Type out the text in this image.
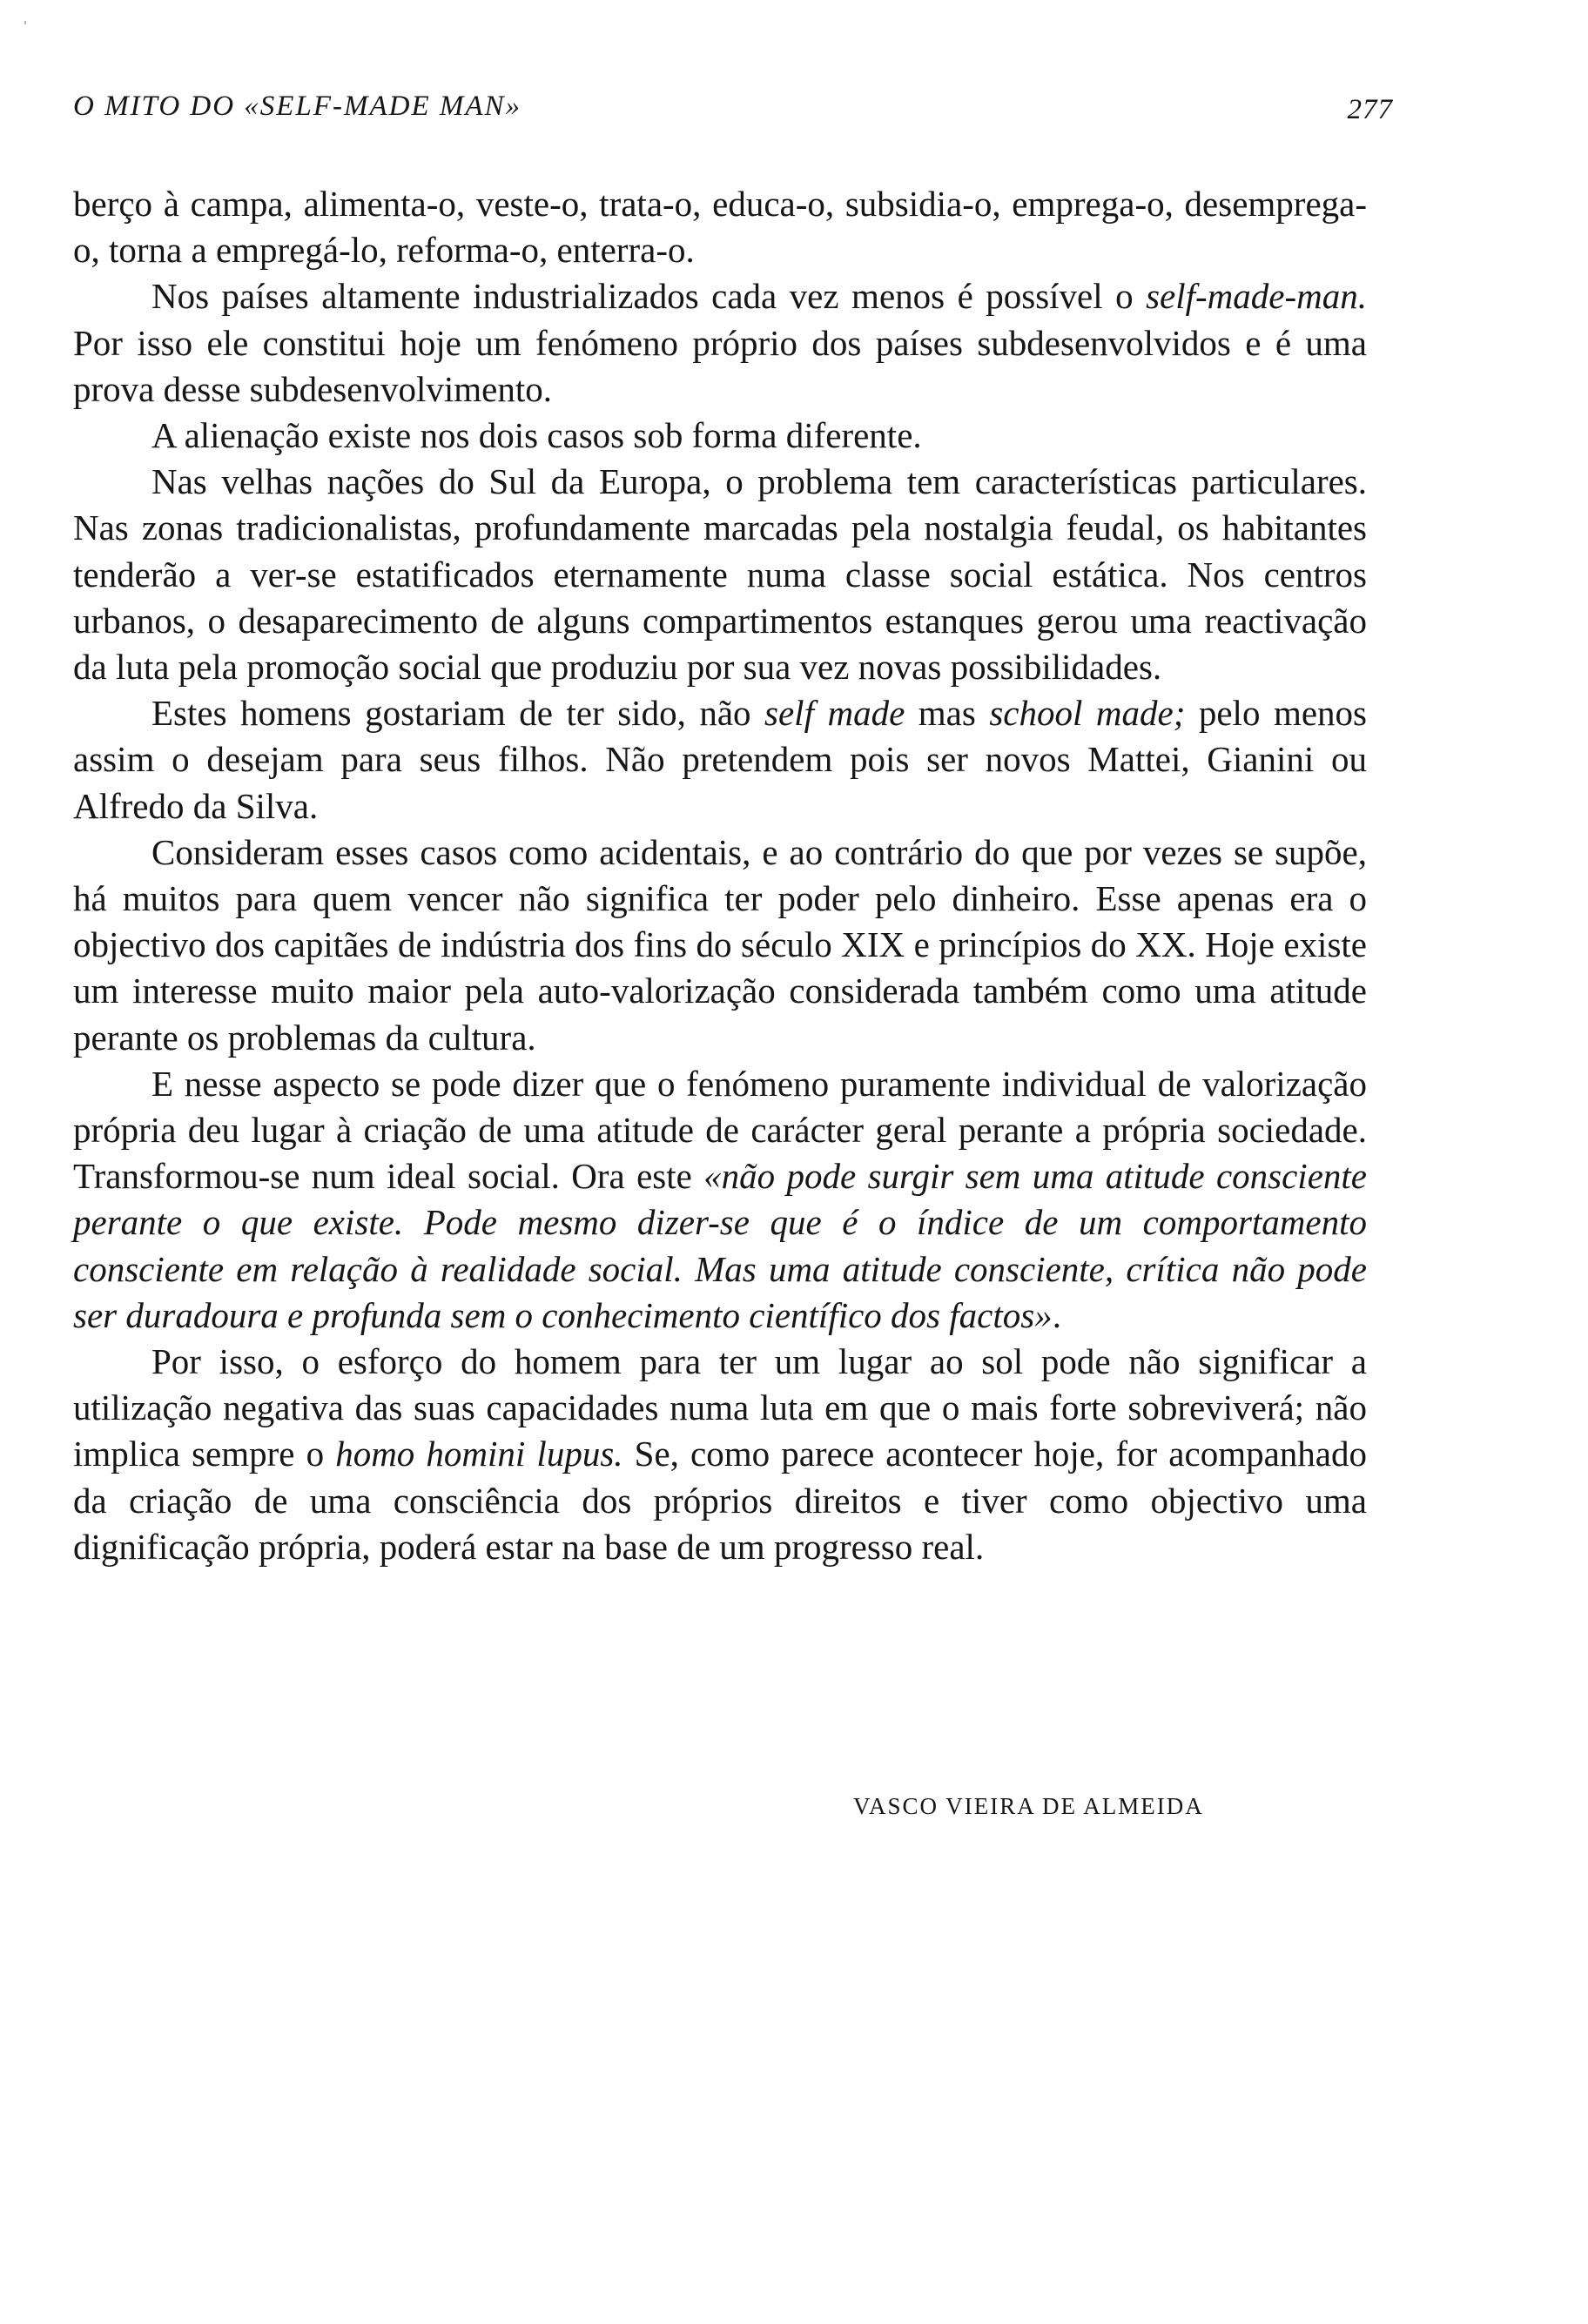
O MITO DO «SELF-MADE MAN»	277

berço à campa, alimenta-o, veste-o, trata-o, educa-o, subsidia-o, emprega-o, desemprega-o, torna a empregá-lo, reforma-o, enterra-o.

Nos países altamente industrializados cada vez menos é possível o self-made-man. Por isso ele constitui hoje um fenómeno próprio dos países subdesenvolvidos e é uma prova desse subdesenvolvimento.

A alienação existe nos dois casos sob forma diferente.

Nas velhas nações do Sul da Europa, o problema tem características particulares. Nas zonas tradicionalistas, profundamente marcadas pela nostalgia feudal, os habitantes tenderão a ver-se estatificados eternamente numa classe social estática. Nos centros urbanos, o desaparecimento de alguns compartimentos estanques gerou uma reactivação da luta pela promoção social que produziu por sua vez novas possibilidades.

Estes homens gostariam de ter sido, não self made mas school made; pelo menos assim o desejam para seus filhos. Não pretendem pois ser novos Mattei, Gianini ou Alfredo da Silva.

Consideram esses casos como acidentais, e ao contrário do que por vezes se supõe, há muitos para quem vencer não significa ter poder pelo dinheiro. Esse apenas era o objectivo dos capitães de indústria dos fins do século XIX e princípios do XX. Hoje existe um interesse muito maior pela auto-valorização considerada também como uma atitude perante os problemas da cultura.

E nesse aspecto se pode dizer que o fenómeno puramente individual de valorização própria deu lugar à criação de uma atitude de carácter geral perante a própria sociedade. Transformou-se num ideal social. Ora este «não pode surgir sem uma atitude consciente perante o que existe. Pode mesmo dizer-se que é o índice de um comportamento consciente em relação à realidade social. Mas uma atitude consciente, crítica não pode ser duradoura e profunda sem o conhecimento científico dos factos».

Por isso, o esforço do homem para ter um lugar ao sol pode não significar a utilização negativa das suas capacidades numa luta em que o mais forte sobreviverá; não implica sempre o homo homini lupus. Se, como parece acontecer hoje, for acompanhado da criação de uma consciência dos próprios direitos e tiver como objectivo uma dignificação própria, poderá estar na base de um progresso real.

VASCO VIEIRA DE ALMEIDA
